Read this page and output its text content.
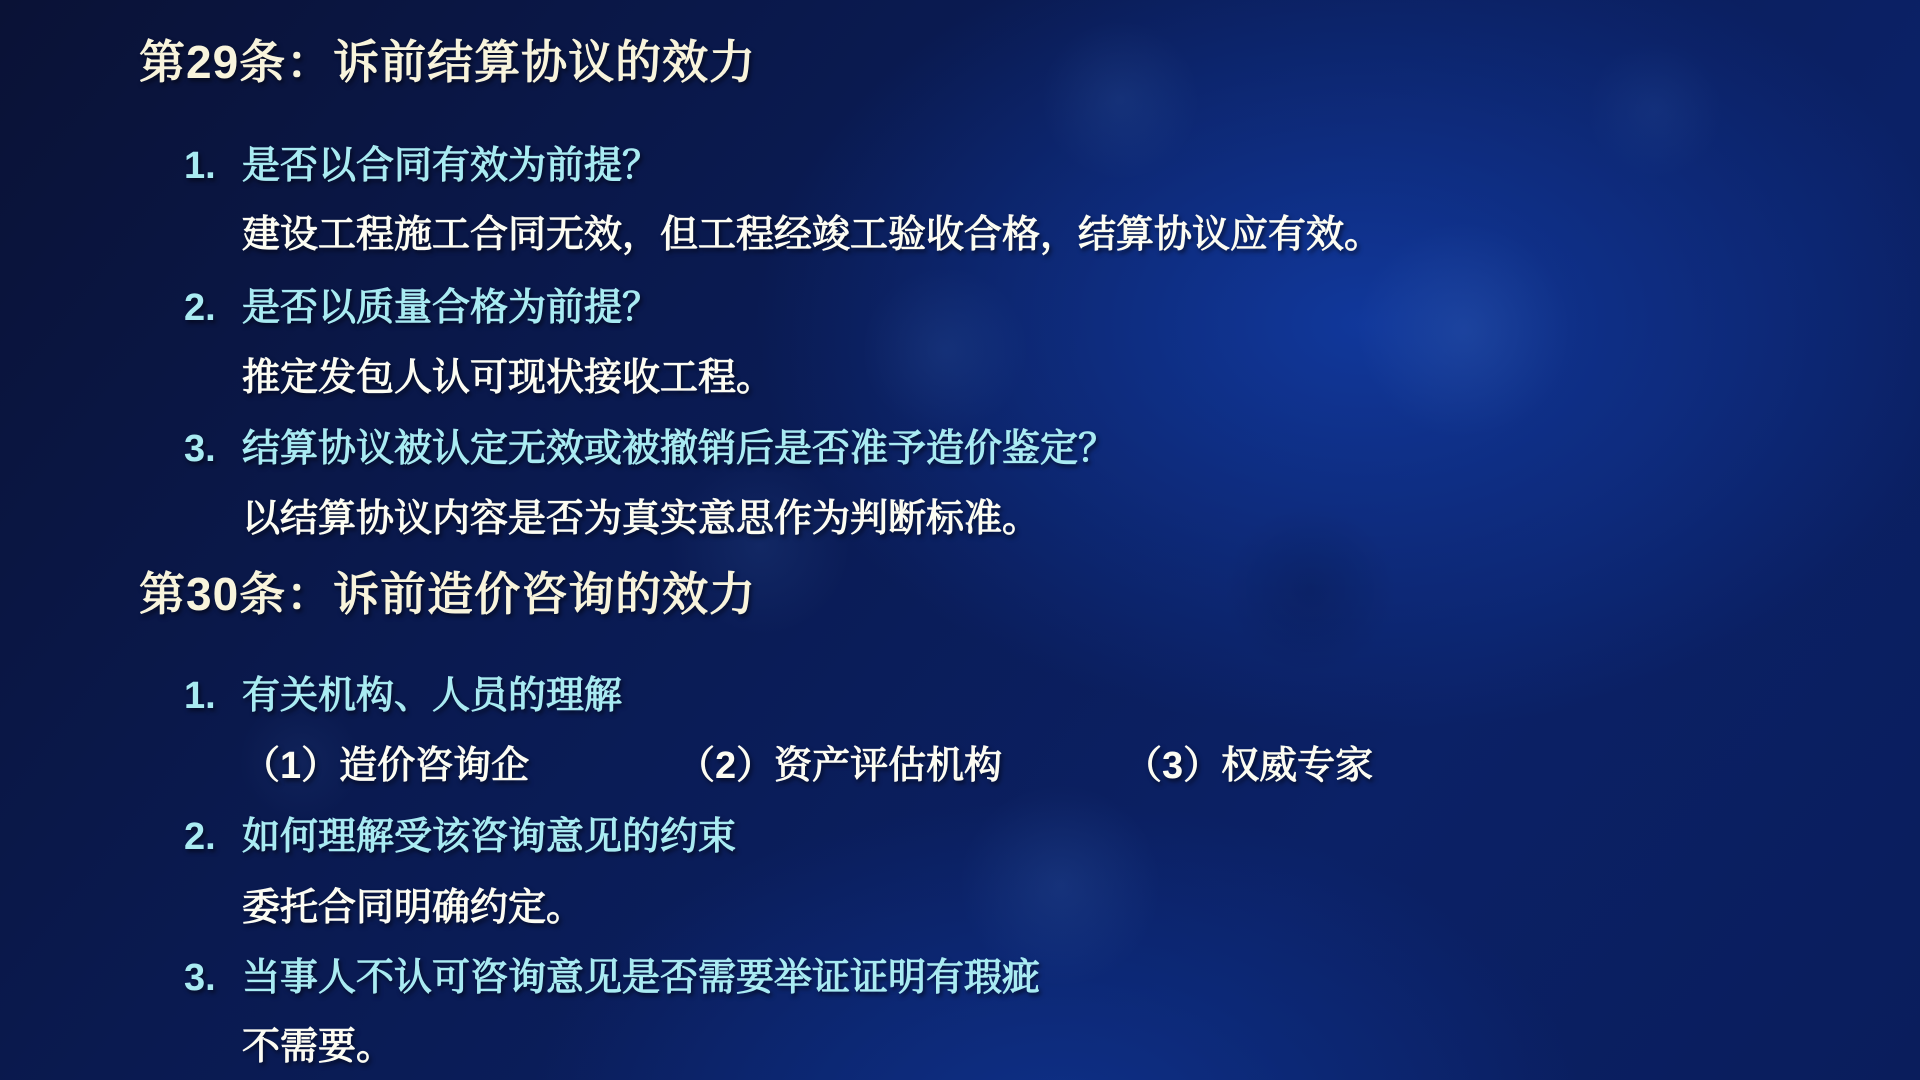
第29条：诉前结算协议的效力
1. 是否以合同有效为前提？
建设工程施工合同无效，但工程经竣工验收合格，结算协议应有效。
2. 是否以质量合格为前提？
推定发包人认可现状接收工程。
3. 结算协议被认定无效或被撤销后是否准予造价鉴定？
以结算协议内容是否为真实意思作为判断标准。
第30条：诉前造价咨询的效力
1. 有关机构、人员的理解
（1）造价咨询企	（2）资产评估机构	（3）权威专家
2. 如何理解受该咨询意见的约束
委托合同明确约定。
3. 当事人不认可咨询意见是否需要举证证明有瑕疵
不需要。
